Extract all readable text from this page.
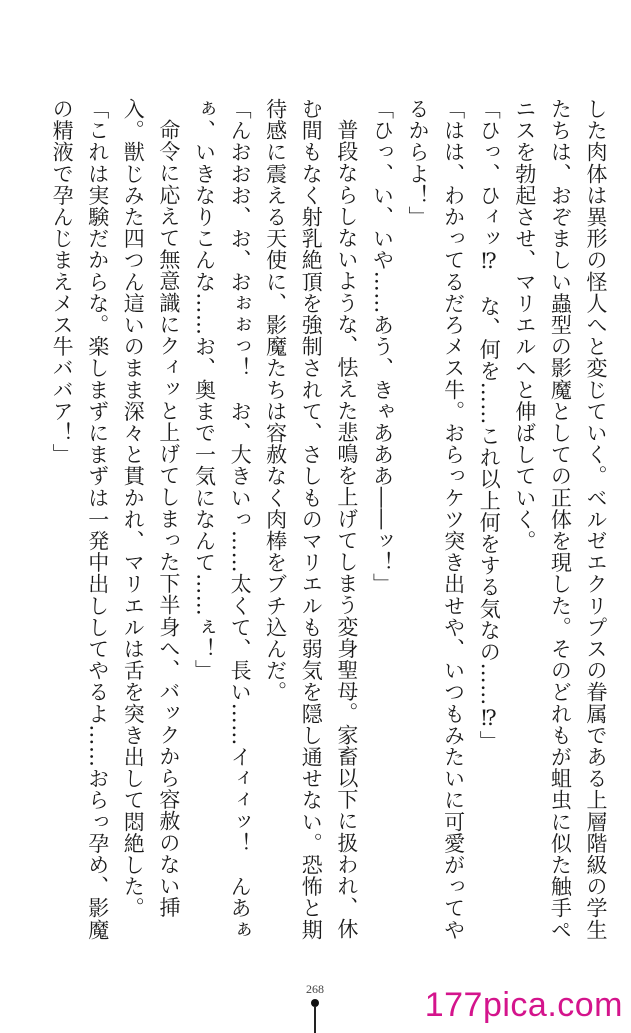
した肉体は異形の怪人へと変じていく。ベルゼエクリプスの眷属である上層階級の学生たちは、おぞましい蟲型の影魔としての正体を現した。そのどれもが蛆虫に似た触手ペニスを勃起させ、マリエルへと伸ばしていく。

「ひっ、ひィッ⁉　な、何を……これ以上何をする気なの……⁉」

「はは、わかってるだろメス牛。おらっケツ突き出せや、いつもみたいに可愛がってやるからよ！」

「ひっ、い、いや……あう、きゃあああ――ッ！」

普段ならしないような、怯えた悲鳴を上げてしまう変身聖母。家畜以下に扱われ、休む間もなく射乳絶頂を強制されて、さしものマリエルも弱気を隠し通せない。恐怖と期待感に震える天使に、影魔たちは容赦なく肉棒をブチ込んだ。

「んおおお、お、おぉぉっ！　お、大きいっ……太くて、長い……イィィッ！　んあぁぁ、いきなりこんな……お、奥まで一気になんて……ぇ！」

命令に応えて無意識にクィッと上げてしまった下半身へ、バックから容赦のない挿入。獣じみた四つん這いのまま深々と貫かれ、マリエルは舌を突き出して悶絶した。

「これは実験だからな。楽しまずにまずは一発中出ししてやるよ……おらっ孕め、影魔の精液で孕んじまえメス牛ババア！」

268	177pica.com
